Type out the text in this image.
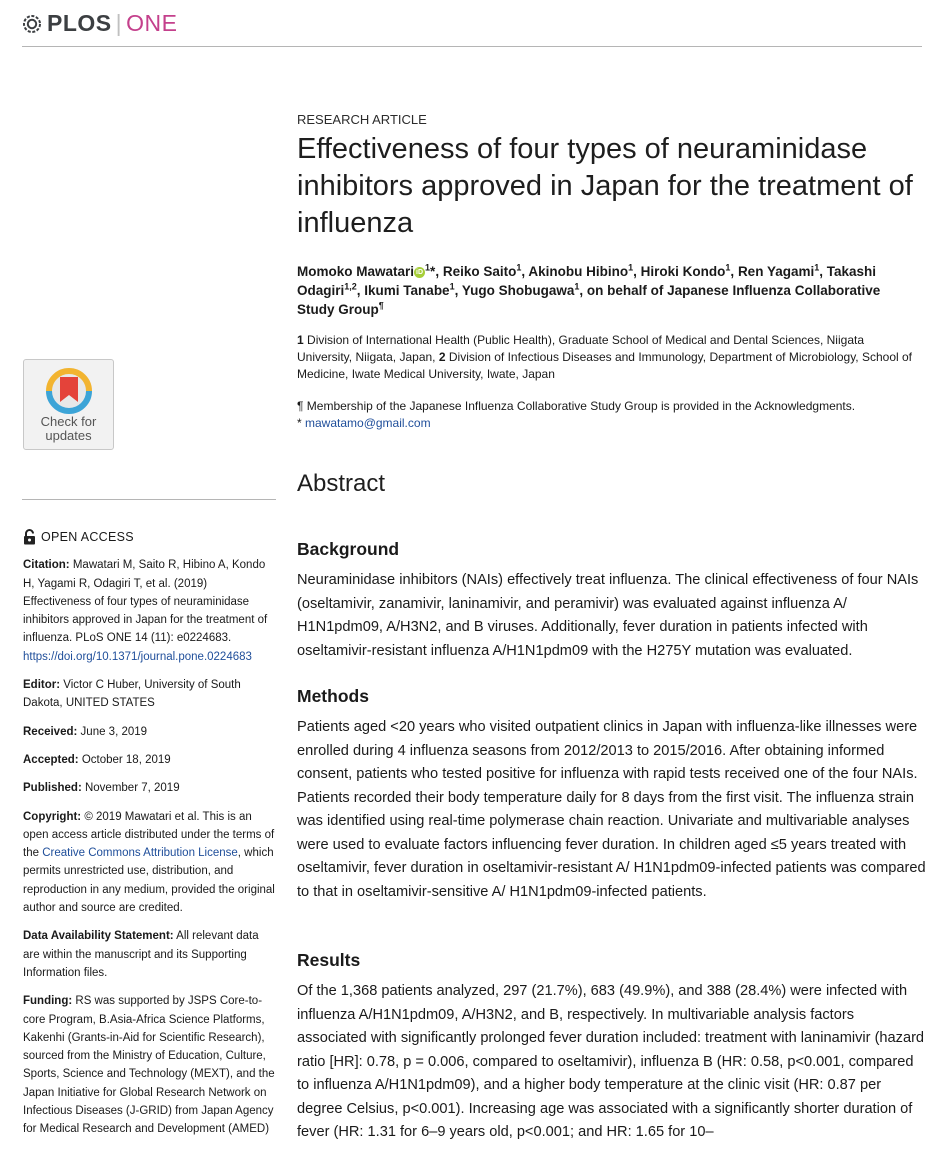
PLOS | ONE
Check for
updates
OPEN ACCESS
Citation: Mawatari M, Saito R, Hibino A, Kondo H, Yagami R, Odagiri T, et al. (2019) Effectiveness of four types of neuraminidase inhibitors approved in Japan for the treatment of influenza. PLoS ONE 14 (11): e0224683. https://doi.org/10.1371/journal.pone.0224683
Editor: Victor C Huber, University of South Dakota, UNITED STATES
Received: June 3, 2019
Accepted: October 18, 2019
Published: November 7, 2019
Copyright: © 2019 Mawatari et al. This is an open access article distributed under the terms of the Creative Commons Attribution License, which permits unrestricted use, distribution, and reproduction in any medium, provided the original author and source are credited.
Data Availability Statement: All relevant data are within the manuscript and its Supporting Information files.
Funding: RS was supported by JSPS Core-to-core Program, B.Asia-Africa Science Platforms, Kakenhi (Grants-in-Aid for Scientific Research), sourced from the Ministry of Education, Culture, Sports, Science and Technology (MEXT), and the Japan Initiative for Global Research Network on Infectious Diseases (J-GRID) from Japan Agency for Medical Research and Development (AMED)
RESEARCH ARTICLE
Effectiveness of four types of neuraminidase inhibitors approved in Japan for the treatment of influenza
Momoko Mawatari iD $^1$*, Reiko Saito$^1$, Akinobu Hibino$^1$, Hiroki Kondo$^1$, Ren Yagami$^1$, Takashi Odagiri$^{1,2}$, Ikumi Tanabe$^1$, Yugo Shobugawa$^1$, on behalf of Japanese Influenza Collaborative Study Group¶
1 Division of International Health (Public Health), Graduate School of Medical and Dental Sciences, Niigata University, Niigata, Japan, 2 Division of Infectious Diseases and Immunology, Department of Microbiology, School of Medicine, Iwate Medical University, Iwate, Japan
¶ Membership of the Japanese Influenza Collaborative Study Group is provided in the Acknowledgments.
* mawatamo@gmail.com
Abstract
Background

Neuraminidase inhibitors (NAIs) effectively treat influenza. The clinical effectiveness of four NAIs (oseltamivir, zanamivir, laninamivir, and peramivir) was evaluated against influenza A/ H1N1pdm09, A/H3N2, and B viruses. Additionally, fever duration in patients infected with oseltamivir-resistant influenza A/H1N1pdm09 with the H275Y mutation was evaluated.

Methods

Patients aged <20 years who visited outpatient clinics in Japan with influenza-like illnesses were enrolled during 4 influenza seasons from 2012/2013 to 2015/2016. After obtaining informed consent, patients who tested positive for influenza with rapid tests received one of the four NAIs. Patients recorded their body temperature daily for 8 days from the first visit. The influenza strain was identified using real-time polymerase chain reaction. Univariate and multivariable analyses were used to evaluate factors influencing fever duration. In children aged ≤5 years treated with oseltamivir, fever duration in oseltamivir-resistant A/ H1N1pdm09-infected patients was compared to that in oseltamivir-sensitive A/ H1N1pdm09-infected patients.

Results

Of the 1,368 patients analyzed, 297 (21.7%), 683 (49.9%), and 388 (28.4%) were infected with influenza A/H1N1pdm09, A/H3N2, and B, respectively. In multivariable analysis factors associated with significantly prolonged fever duration included: treatment with laninamivir (hazard ratio [HR]: 0.78, p = 0.006, compared to oseltamivir), influenza B (HR: 0.58, p<0.001, compared to influenza A/H1N1pdm09), and a higher body temperature at the clinic visit (HR: 0.87 per degree Celsius, p<0.001). Increasing age was associated with a significantly shorter duration of fever (HR: 1.31 for 6–9 years old, p<0.001; and HR: 1.65 for 10–
